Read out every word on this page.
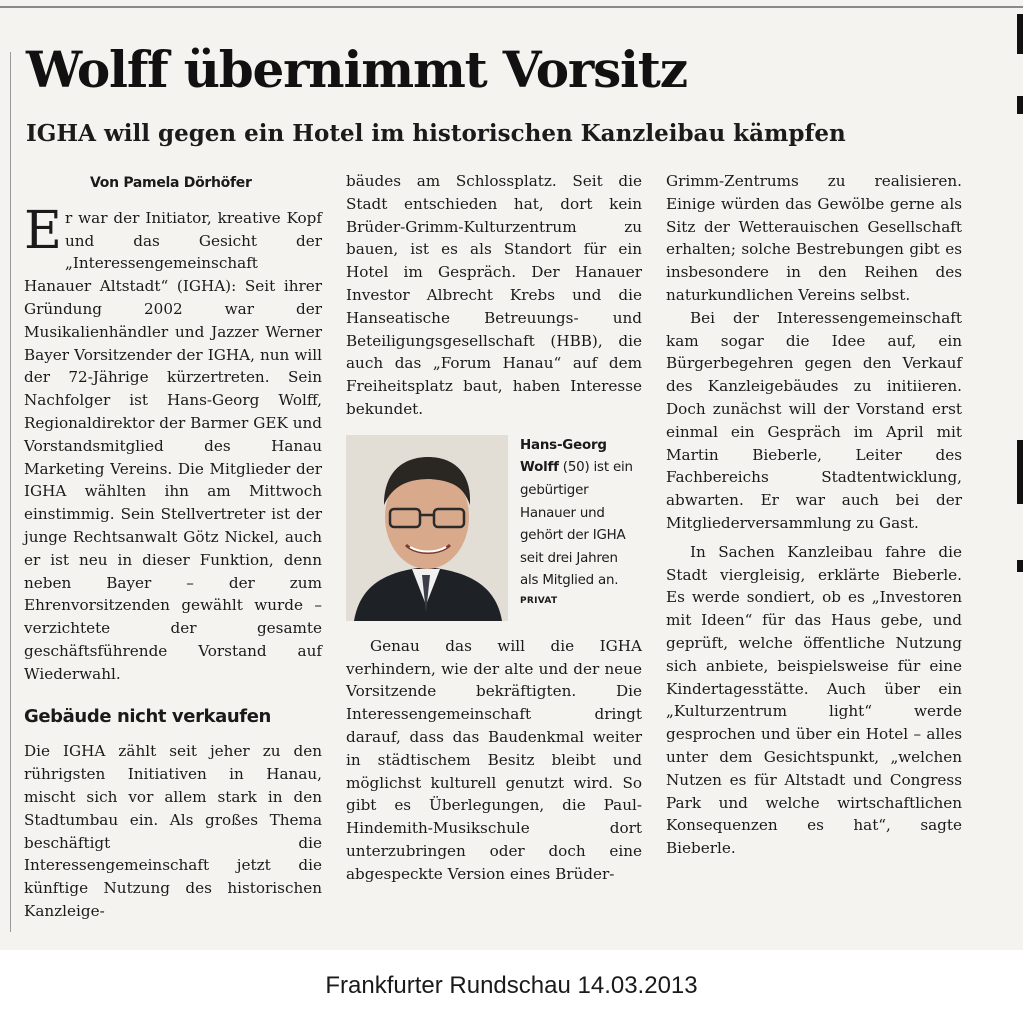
Wolff übernimmt Vorsitz
IGHA will gegen ein Hotel im historischen Kanzleibau kämpfen

Von Pamela Dörhöfer

Er war der Initiator, kreative Kopf und das Gesicht der „Interessengemeinschaft Hanauer Altstadt“ (IGHA): Seit ihrer Gründung 2002 war der Musikalienhändler und Jazzer Werner Bayer Vorsitzender der IGHA, nun will der 72-Jährige kürzertreten. Sein Nachfolger ist Hans-Georg Wolff, Regionaldirektor der Barmer GEK und Vorstandsmitglied des Hanau Marketing Vereins. Die Mitglieder der IGHA wählten ihn am Mittwoch einstimmig. Sein Stellvertreter ist der junge Rechtsanwalt Götz Nickel, auch er ist neu in dieser Funktion, denn neben Bayer – der zum Ehrenvorsitzenden gewählt wurde – verzichtete der gesamte geschäftsführende Vorstand auf Wiederwahl.

Gebäude nicht verkaufen

Die IGHA zählt seit jeher zu den rührigsten Initiativen in Hanau, mischt sich vor allem stark in den Stadtumbau ein. Als großes Thema beschäftigt die Interessengemeinschaft jetzt die künftige Nutzung des historischen Kanzleige-

bäudes am Schlossplatz. Seit die Stadt entschieden hat, dort kein Brüder-Grimm-Kulturzentrum zu bauen, ist es als Standort für ein Hotel im Gespräch. Der Hanauer Investor Albrecht Krebs und die Hanseatische Betreuungs- und Beteiligungsgesellschaft (HBB), die auch das „Forum Hanau“ auf dem Freiheitsplatz baut, haben Interesse bekundet.

Hans-Georg Wolff (50) ist ein gebürtiger Hanauer und gehört der IGHA seit drei Jahren als Mitglied an.
PRIVAT

Genau das will die IGHA verhindern, wie der alte und der neue Vorsitzende bekräftigten. Die Interessengemeinschaft dringt darauf, dass das Baudenkmal weiter in städtischem Besitz bleibt und möglichst kulturell genutzt wird. So gibt es Überlegungen, die Paul-Hindemith-Musikschule dort unterzubringen oder doch eine abgespeckte Version eines Brüder-

Grimm-Zentrums zu realisieren. Einige würden das Gewölbe gerne als Sitz der Wetterauischen Gesellschaft erhalten; solche Bestrebungen gibt es insbesondere in den Reihen des naturkundlichen Vereins selbst.

Bei der Interessengemeinschaft kam sogar die Idee auf, ein Bürgerbegehren gegen den Verkauf des Kanzleigebäudes zu initiieren. Doch zunächst will der Vorstand erst einmal ein Gespräch im April mit Martin Bieberle, Leiter des Fachbereichs Stadtentwicklung, abwarten. Er war auch bei der Mitgliederversammlung zu Gast.

In Sachen Kanzleibau fahre die Stadt viergleisig, erklärte Bieberle. Es werde sondiert, ob es „Investoren mit Ideen“ für das Haus gebe, und geprüft, welche öffentliche Nutzung sich anbiete, beispielsweise für eine Kindertagesstätte. Auch über ein „Kulturzentrum light“ werde gesprochen und über ein Hotel – alles unter dem Gesichtspunkt, „welchen Nutzen es für Altstadt und Congress Park und welche wirtschaftlichen Konsequenzen es hat“, sagte Bieberle.

Frankfurter Rundschau 14.03.2013
